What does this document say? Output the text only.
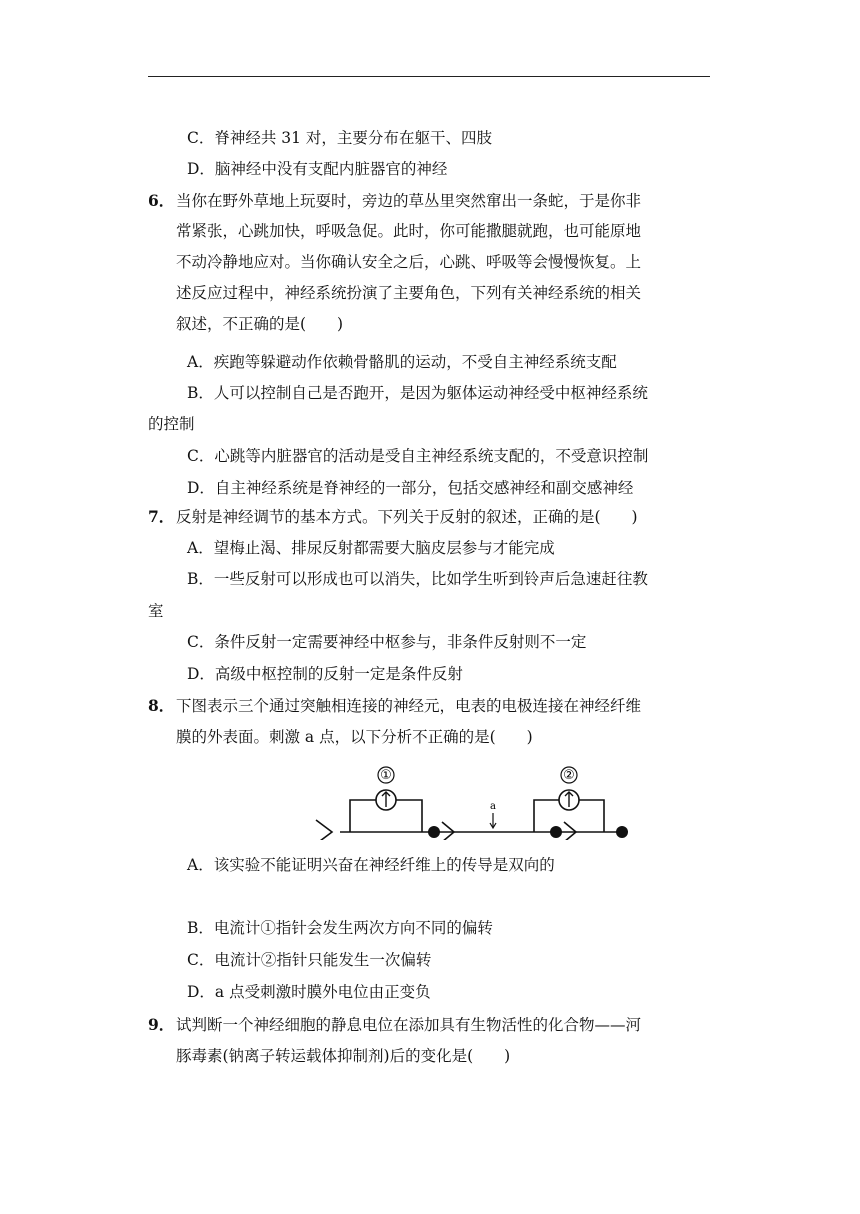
C．脊神经共 31 对，主要分布在躯干、四肢
D．脑神经中没有支配内脏器官的神经
6． 当你在野外草地上玩耍时，旁边的草丛里突然窜出一条蛇，于是你非
常紧张，心跳加快，呼吸急促。此时，你可能撒腿就跑，也可能原地
不动冷静地应对。当你确认安全之后，心跳、呼吸等会慢慢恢复。上
述反应过程中，神经系统扮演了主要角色，下列有关神经系统的相关
叙述，不正确的是(　　)
A．疾跑等躲避动作依赖骨骼肌的运动，不受自主神经系统支配
B．人可以控制自己是否跑开，是因为躯体运动神经受中枢神经系统
的控制
C．心跳等内脏器官的活动是受自主神经系统支配的，不受意识控制
D．自主神经系统是脊神经的一部分，包括交感神经和副交感神经
7． 反射是神经调节的基本方式。下列关于反射的叙述，正确的是(　　)
A．望梅止渴、排尿反射都需要大脑皮层参与才能完成
B．一些反射可以形成也可以消失，比如学生听到铃声后急速赶往教
室
C．条件反射一定需要神经中枢参与，非条件反射则不一定
D．高级中枢控制的反射一定是条件反射
8． 下图表示三个通过突触相连接的神经元，电表的电极连接在神经纤维
膜的外表面。刺激 a 点，以下分析不正确的是(　　)
①
a
②
A．该实验不能证明兴奋在神经纤维上的传导是双向的
B．电流计①指针会发生两次方向不同的偏转
C．电流计②指针只能发生一次偏转
D．a 点受刺激时膜外电位由正变负
9． 试判断一个神经细胞的静息电位在添加具有生物活性的化合物——河
豚毒素(钠离子转运载体抑制剂)后的变化是(　　)
